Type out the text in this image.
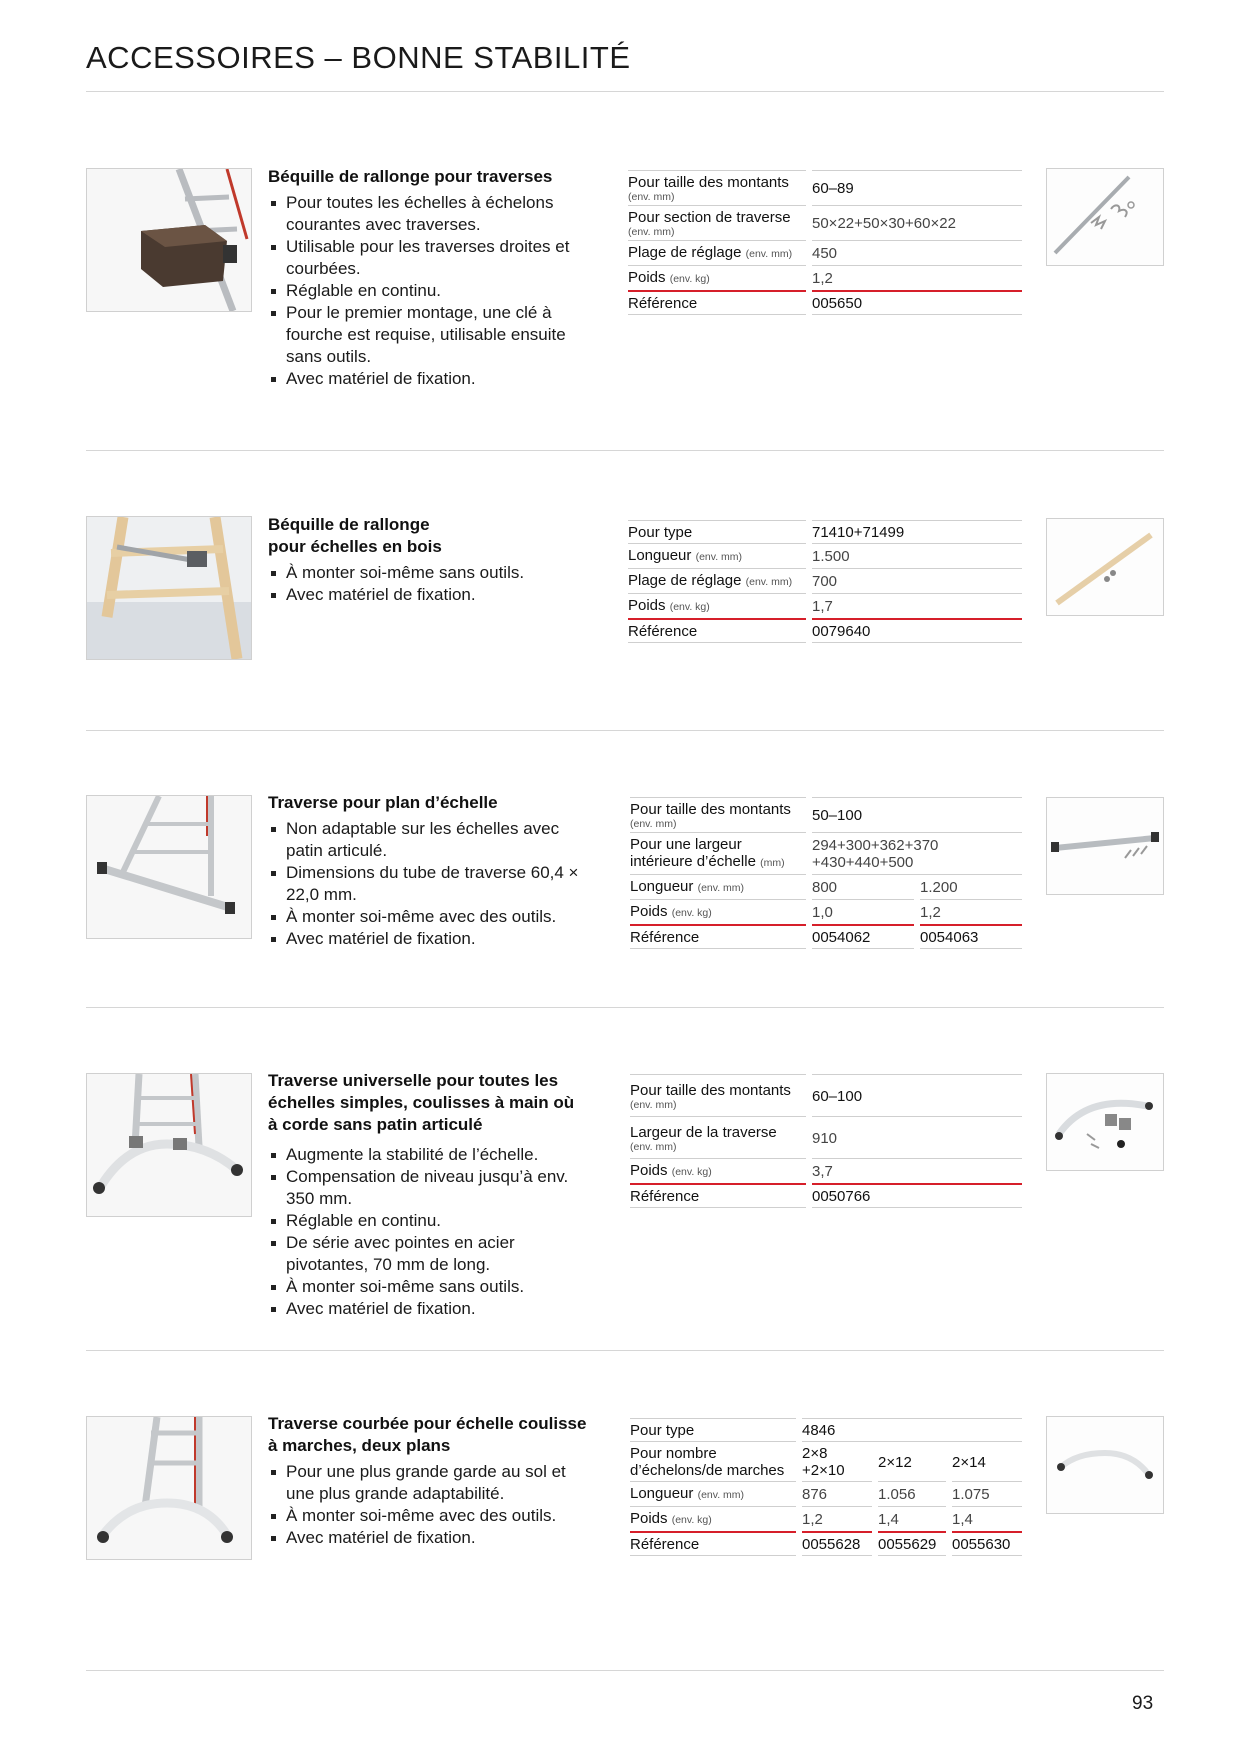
ACCESSOIRES – BONNE STABILITÉ
Béquille de rallonge pour traverses
Pour toutes les échelles à échelons courantes avec traverses.
Utilisable pour les traverses droites et courbées.
Réglable en continu.
Pour le premier montage, une clé à fourche est requise, utilisable ensuite sans outils.
Avec matériel de fixation.
Pour taille des montants
(env. mm)	60–89
Pour section de traverse
(env. mm)	50×22+50×30+60×22
Plage de réglage (env. mm)	450
Poids (env. kg)	1,2
Référence	005650
Béquille de rallonge
pour échelles en bois
À monter soi-même sans outils.
Avec matériel de fixation.
Pour type	71410+71499
Longueur (env. mm)	1.500
Plage de réglage (env. mm)	700
Poids (env. kg)	1,7
Référence	0079640
Traverse pour plan d’échelle
Non adaptable sur les échelles avec patin articulé.
Dimensions du tube de traverse 60,4 × 22,0 mm.
À monter soi-même avec des outils.
Avec matériel de fixation.
Pour taille des montants
(env. mm)	50–100	
Pour une largeur
intérieure d’échelle (mm)	294+300+362+370
+430+440+500	
Longueur (env. mm)	800	1.200
Poids (env. kg)	1,0	1,2
Référence	0054062	0054063
Traverse universelle pour toutes les échelles simples, coulisses à main où à corde sans patin articulé
Augmente la stabilité de l’échelle.
Compensation de niveau jusqu’à env. 350 mm.
Réglable en continu.
De série avec pointes en acier pivotantes, 70 mm de long.
À monter soi-même sans outils.
Avec matériel de fixation.
Pour taille des montants
(env. mm)	60–100
Largeur de la traverse
(env. mm)	910
Poids (env. kg)	3,7
Référence	0050766
Traverse courbée pour échelle coulisse à marches, deux plans
Pour une plus grande garde au sol et une plus grande adaptabilité.
À monter soi-même avec des outils.
Avec matériel de fixation.
Pour type	4846		
Pour nombre
d’échelons/de marches	2×8 +2×10	2×12	2×14
Longueur (env. mm)	876	1.056	1.075
Poids (env. kg)	1,2	1,4	1,4
Référence	0055628	0055629	0055630
93
